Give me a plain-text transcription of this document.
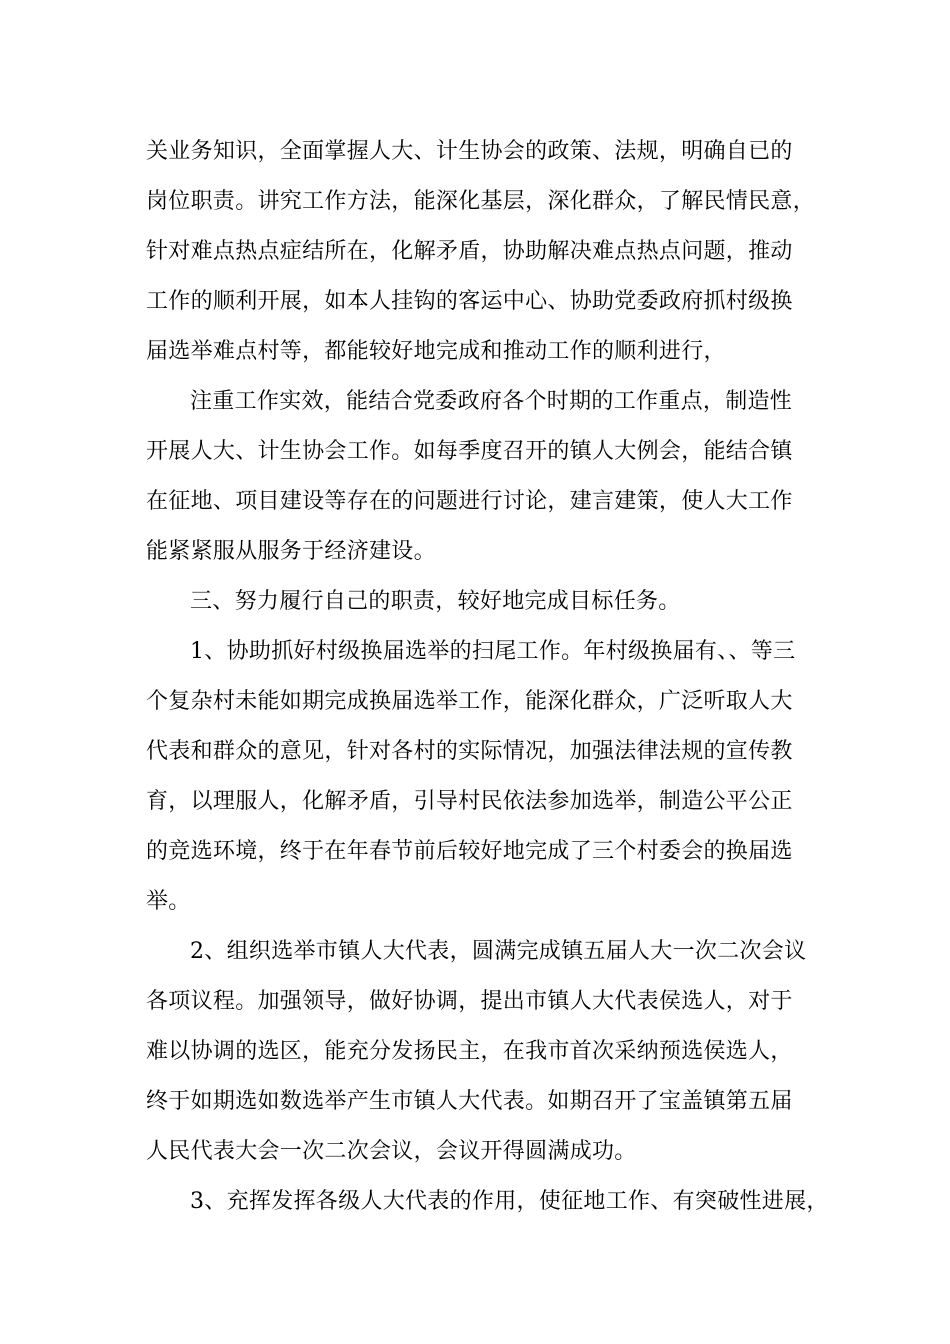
关业务知识，全面掌握人大、计生协会的政策、法规，明确自已的
岗位职责。讲究工作方法，能深化基层，深化群众，了解民情民意，
针对难点热点症结所在，化解矛盾，协助解决难点热点问题，推动
工作的顺利开展，如本人挂钩的客运中心、协助党委政府抓村级换
届选举难点村等，都能较好地完成和推动工作的顺利进行，
注重工作实效，能结合党委政府各个时期的工作重点，制造性
开展人大、计生协会工作。如每季度召开的镇人大例会，能结合镇
在征地、项目建设等存在的问题进行讨论，建言建策，使人大工作
能紧紧服从服务于经济建设。
三、努力履行自己的职责，较好地完成目标任务。
1、协助抓好村级换届选举的扫尾工作。年村级换届有、、等三
个复杂村未能如期完成换届选举工作，能深化群众，广泛听取人大
代表和群众的意见，针对各村的实际情况，加强法律法规的宣传教
育，以理服人，化解矛盾，引导村民依法参加选举，制造公平公正
的竞选环境，终于在年春节前后较好地完成了三个村委会的换届选
举。
2、组织选举市镇人大代表，圆满完成镇五届人大一次二次会议
各项议程。加强领导，做好协调，提出市镇人大代表侯选人，对于
难以协调的选区，能充分发扬民主，在我市首次采纳预选侯选人，
终于如期选如数选举产生市镇人大代表。如期召开了宝盖镇第五届
人民代表大会一次二次会议，会议开得圆满成功。
3、充挥发挥各级人大代表的作用，使征地工作、有突破性进展，
